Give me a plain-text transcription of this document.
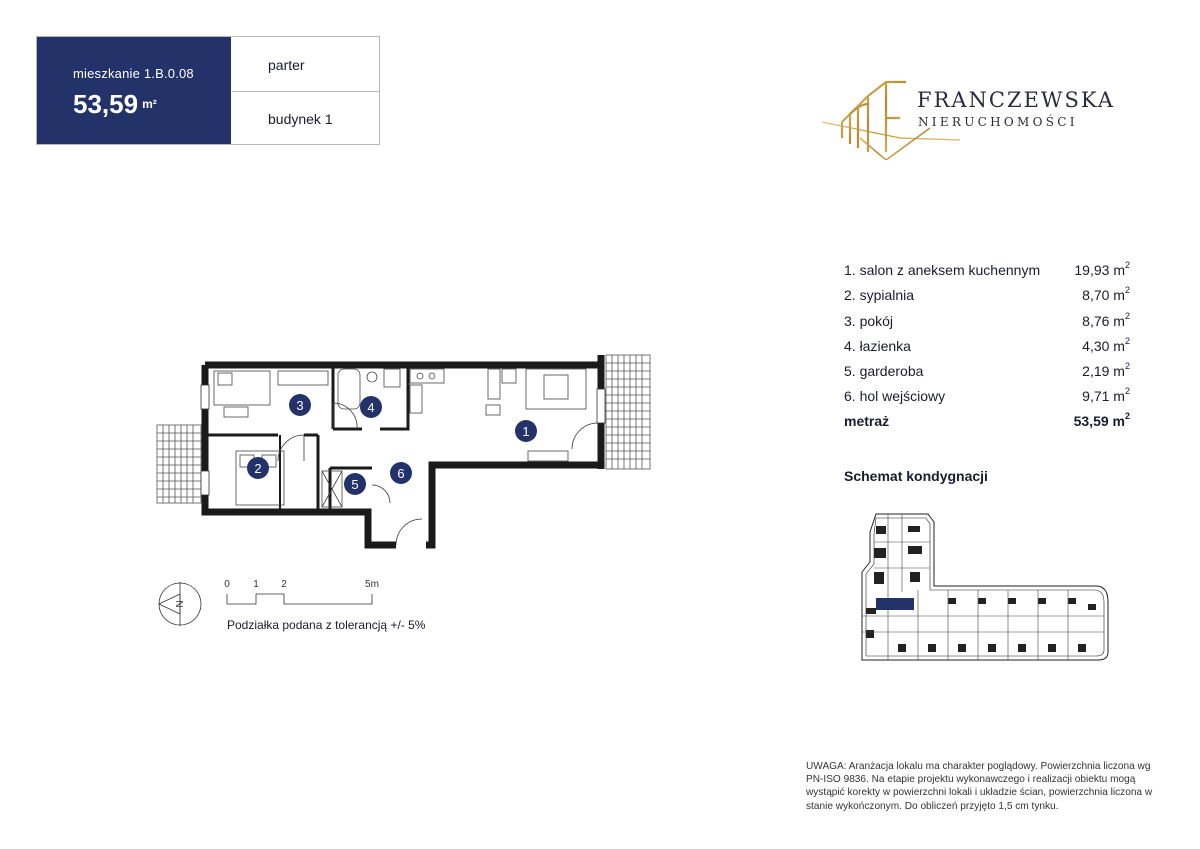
mieszkanie 1.B.0.08
53,59 $^{m^2}$
parter
budynek 1
FRANCZEWSKA
NIERUCHOMOŚCI
1. salon z aneksem kuchennym 19,93 $m^2$
2. sypialnia	8,70 $m^2$
3. pokój	8,76 $m^2$
4. łazienka	4,30 $m^2$
5. garderoba	2,19 $m^2$
6. hol wejściowy	9,71 $m^2$
metraż	53,59 $m^2$
Schemat kondygnacji
1
2
3	4
5
6
N
0 1 2	5m
Podziałka podana z tolerancją +/- 5%
UWAGA: Aranżacja lokalu ma charakter poglądowy. Powierzchnia liczona wg PN-ISO 9836. Na etapie projektu wykonawczego i realizacji obiektu mogą wystąpić korekty w powierzchni lokali i układzie ścian, powierzchnia liczona w stanie wykończonym. Do obliczeń przyjęto 1,5 cm tynku.
